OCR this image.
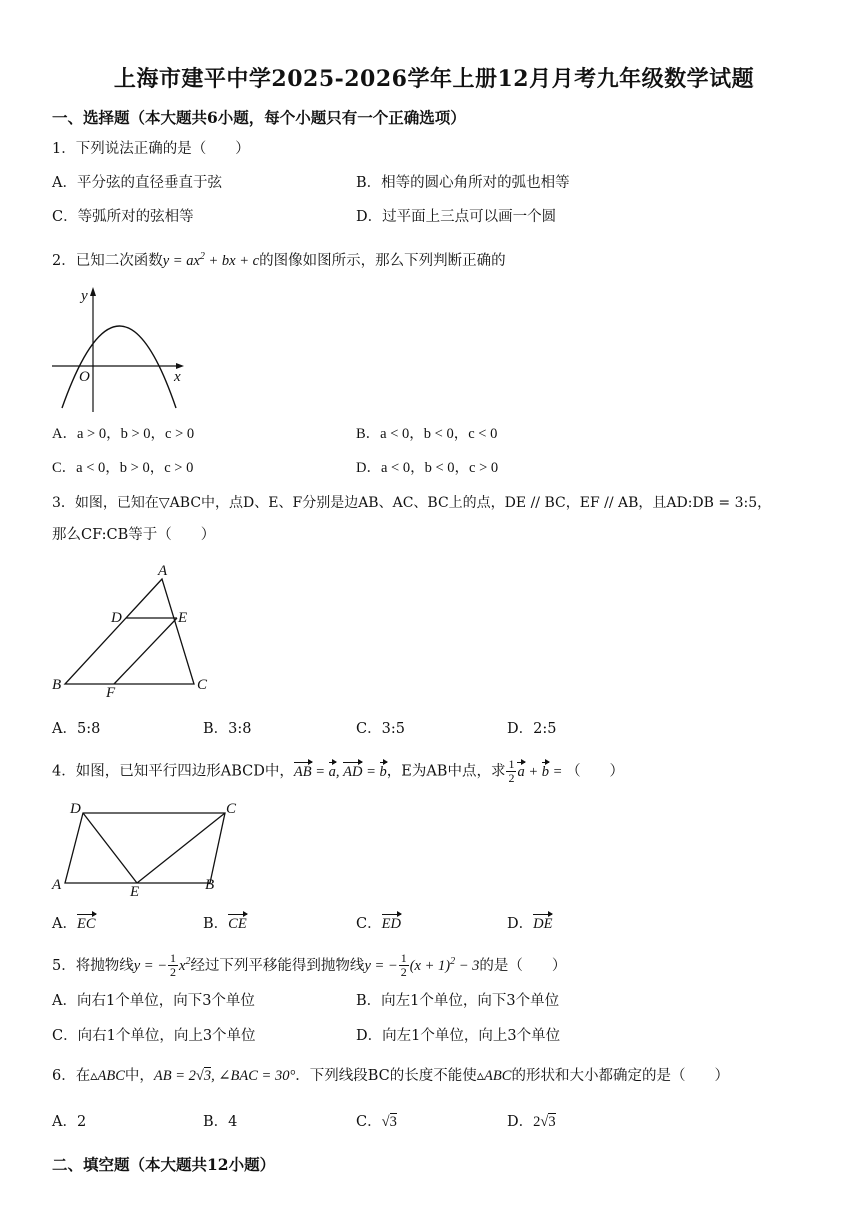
上海市建平中学2025-2026学年上册12月月考九年级数学试题
一、选择题（本大题共6小题，每个小题只有一个正确选项）
1．下列说法正确的是（　　）
A．平分弦的直径垂直于弦	B．相等的圆心角所对的弧也相等
C．等弧所对的弦相等	D．过平面上三点可以画一个圆
2．已知二次函数$y = ax^2$ + bx + c的图像如图所示，那么下列判断正确的
y
x
O
A．a > 0，b > 0，c > 0	B．a < 0，b < 0，c < 0
C．a < 0，b > 0，c > 0	D．a < 0，b < 0，c > 0
3．如图，已知在▽ABC中，点D、E、F分别是边AB、AC、BC上的点，DE // BC，EF // AB，且AD:DB = 3:5，
那么CF:CB等于（　　）
A
B	C
D	E
F
A．5:8	B．3:8	C．3:5	D．2:5
4．如图，已知平行四边形ABCD中，AB = a, AD = b，E为AB中点，求 $\frac{1}{2}$ a + b = （　　）
D	C
A	B
E
A．EC	B．CE	C．ED	D．DE
5．将抛物线y = − $\frac{1}{2} x^2$经过下列平移能得到抛物线y = − $\frac{1}{2} (x + 1)^2 - 3$的是（　　）
A．向右1个单位，向下3个单位	B．向左1个单位，向下3个单位
C．向右1个单位，向上3个单位	D．向左1个单位，向上3个单位
6．在▵ABC中，AB = 2√3, ∠BAC = 30°．下列线段BC的长度不能使▵ABC的形状和大小都确定的是（　　）
A．2	B．4	C．√3	D．2√3
二、填空题（本大题共12小题）
